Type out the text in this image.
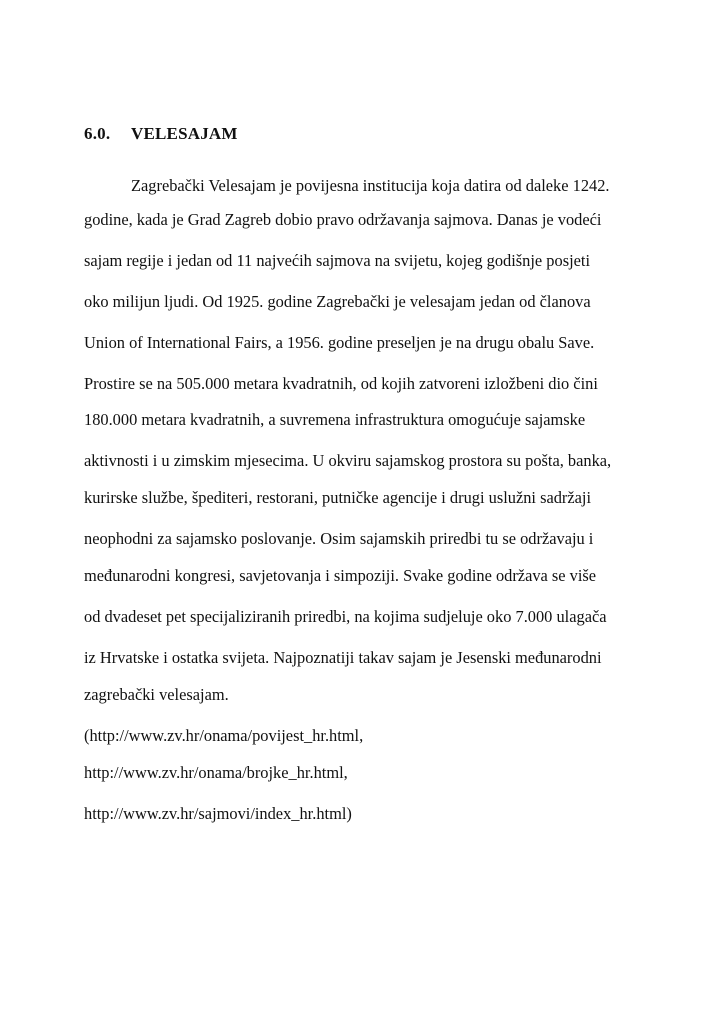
6.0. VELESAJAM
Zagrebački Velesajam je povijesna institucija koja datira od daleke 1242.
godine, kada je Grad Zagreb dobio pravo održavanja sajmova. Danas je vodeći
sajam regije i jedan od 11 najvećih sajmova na svijetu, kojeg godišnje posjeti
oko milijun ljudi. Od 1925. godine Zagrebački je velesajam jedan od članova
Union of International Fairs, a 1956. godine preseljen je na drugu obalu Save.
Prostire se na 505.000 metara kvadratnih, od kojih zatvoreni izložbeni dio čini
180.000 metara kvadratnih, a suvremena infrastruktura omogućuje sajamske
aktivnosti i u zimskim mjesecima. U okviru sajamskog prostora su pošta, banka,
kurirske službe, špediteri, restorani, putničke agencije i drugi uslužni sadržaji
neophodni za sajamsko poslovanje. Osim sajamskih priredbi tu se održavaju i
međunarodni kongresi, savjetovanja i simpoziji. Svake godine održava se više
od dvadeset pet specijaliziranih priredbi, na kojima sudjeluje oko 7.000 ulagača
iz Hrvatske i ostatka svijeta. Najpoznatiji takav sajam je Jesenski međunarodni
zagrebački velesajam.
(http://www.zv.hr/onama/povijest_hr.html,
http://www.zv.hr/onama/brojke_hr.html,
http://www.zv.hr/sajmovi/index_hr.html)
